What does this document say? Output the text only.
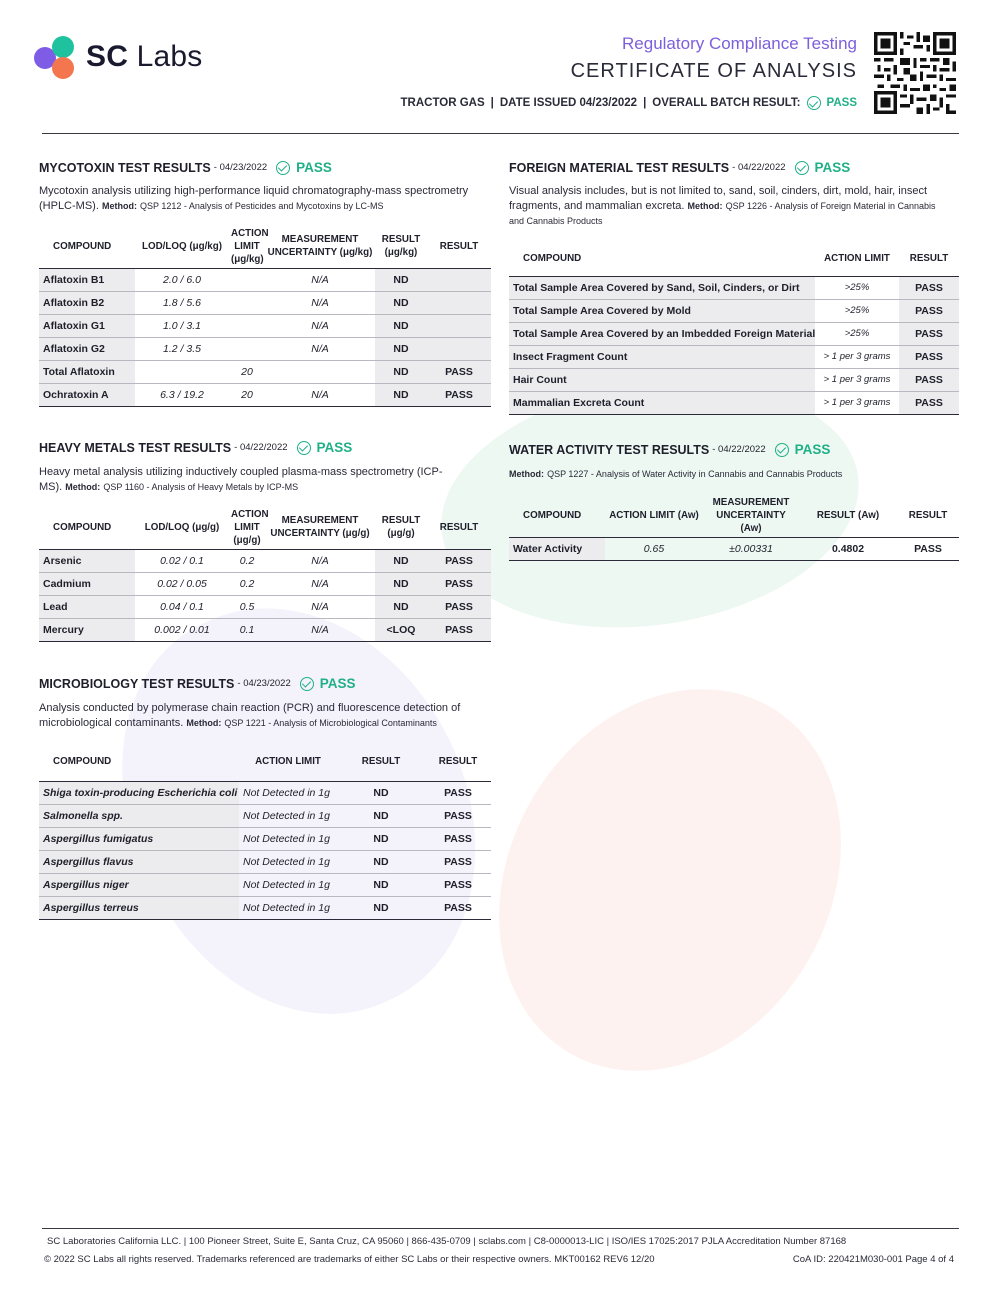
SC Labs	Regulatory Compliance Testing
CERTIFICATE OF ANALYSIS
TRACTOR GAS | DATE ISSUED 04/23/2022 | OVERALL BATCH RESULT: PASS
MYCOTOXIN TEST RESULTS - 04/23/2022 PASS
Mycotoxin analysis utilizing high-performance liquid chromatography-mass spectrometry (HPLC-MS). Method: QSP 1212 - Analysis of Pesticides and Mycotoxins by LC-MS
COMPOUND	LOD/LOQ (μg/kg)	ACTION LIMIT (μg/kg)	MEASUREMENT UNCERTAINTY (μg/kg)	RESULT (μg/kg)	RESULT
Aflatoxin B1	2.0 / 6.0		N/A	ND	
Aflatoxin B2	1.8 / 5.6		N/A	ND	
Aflatoxin G1	1.0 / 3.1		N/A	ND	
Aflatoxin G2	1.2 / 3.5		N/A	ND	
Total Aflatoxin		20		ND	PASS
Ochratoxin A	6.3 / 19.2	20	N/A	ND	PASS
FOREIGN MATERIAL TEST RESULTS - 04/22/2022 PASS
Visual analysis includes, but is not limited to, sand, soil, cinders, dirt, mold, hair, insect fragments, and mammalian excreta. Method: QSP 1226 - Analysis of Foreign Material in Cannabis and Cannabis Products
COMPOUND	ACTION LIMIT	RESULT
Total Sample Area Covered by Sand, Soil, Cinders, or Dirt	>25%	PASS
Total Sample Area Covered by Mold	>25%	PASS
Total Sample Area Covered by an Imbedded Foreign Material	>25%	PASS
Insect Fragment Count	> 1 per 3 grams	PASS
Hair Count	> 1 per 3 grams	PASS
Mammalian Excreta Count	> 1 per 3 grams	PASS
HEAVY METALS TEST RESULTS - 04/22/2022 PASS
Heavy metal analysis utilizing inductively coupled plasma-mass spectrometry (ICP-MS). Method: QSP 1160 - Analysis of Heavy Metals by ICP-MS
COMPOUND	LOD/LOQ (μg/g)	ACTION LIMIT (μg/g)	MEASUREMENT UNCERTAINTY (μg/g)	RESULT (μg/g)	RESULT
Arsenic	0.02 / 0.1	0.2	N/A	ND	PASS
Cadmium	0.02 / 0.05	0.2	N/A	ND	PASS
Lead	0.04 / 0.1	0.5	N/A	ND	PASS
Mercury	0.002 / 0.01	0.1	N/A	<LOQ	PASS
WATER ACTIVITY TEST RESULTS - 04/22/2022 PASS
Method: QSP 1227 - Analysis of Water Activity in Cannabis and Cannabis Products
COMPOUND	ACTION LIMIT (Aw)	MEASUREMENT UNCERTAINTY (Aw)	RESULT (Aw)	RESULT
Water Activity	0.65	±0.00331	0.4802	PASS
MICROBIOLOGY TEST RESULTS - 04/23/2022 PASS
Analysis conducted by polymerase chain reaction (PCR) and fluorescence detection of microbiological contaminants. Method: QSP 1221 - Analysis of Microbiological Contaminants
COMPOUND	ACTION LIMIT	RESULT	RESULT
Shiga toxin-producing Escherichia coli	Not Detected in 1g	ND	PASS
Salmonella spp.	Not Detected in 1g	ND	PASS
Aspergillus fumigatus	Not Detected in 1g	ND	PASS
Aspergillus flavus	Not Detected in 1g	ND	PASS
Aspergillus niger	Not Detected in 1g	ND	PASS
Aspergillus terreus	Not Detected in 1g	ND	PASS
SC Laboratories California LLC. | 100 Pioneer Street, Suite E, Santa Cruz, CA 95060 | 866-435-0709 | sclabs.com | C8-0000013-LIC | ISO/IES 17025:2017 PJLA Accreditation Number 87168
© 2022 SC Labs all rights reserved. Trademarks referenced are trademarks of either SC Labs or their respective owners. MKT00162 REV6 12/20	CoA ID: 220421M030-001 Page 4 of 4
